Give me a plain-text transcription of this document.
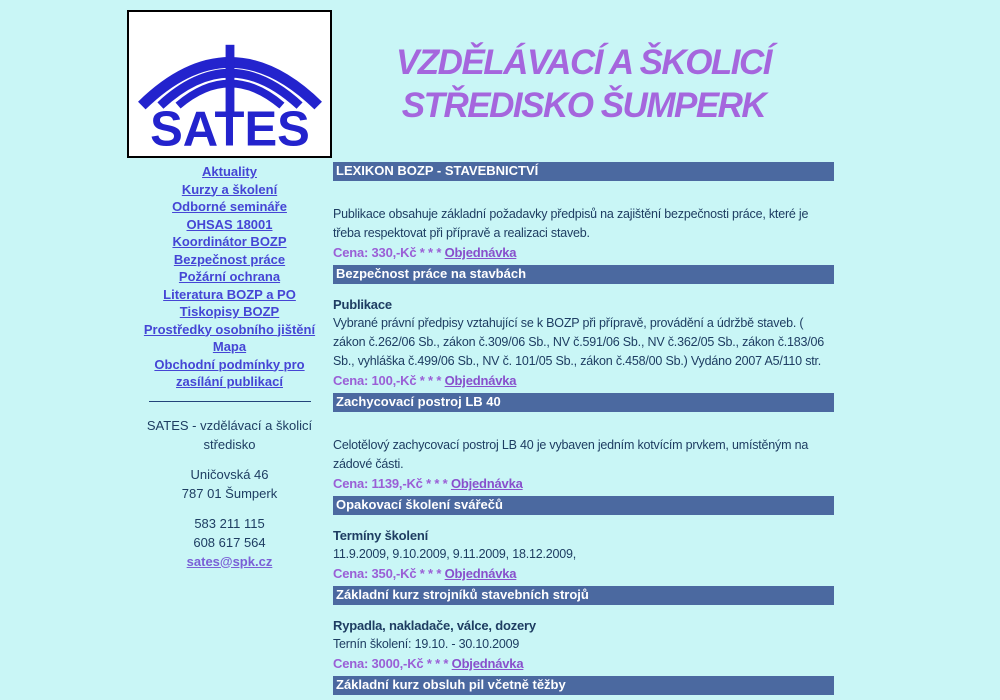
SATES
Aktuality
Kurzy a školení
Odborné semináře
OHSAS 18001
Koordinátor BOZP
Bezpečnost práce
Požární ochrana
Literatura BOZP a PO
Tiskopisy BOZP
Prostředky osobního jištění
Mapa
Obchodní podmínky pro zasílání publikací
SATES - vzdělávací a školicí středisko
Uničovská 46
787 01 Šumperk
583 211 115
608 617 564
sates@spk.cz
VZDĚLÁVACÍ A ŠKOLICÍ
STŘEDISKO ŠUMPERK
LEXIKON BOZP - STAVEBNICTVÍ

Publikace obsahuje základní požadavky předpisů na zajištění bezpečnosti práce, které je třeba respektovat při přípravě a realizaci staveb.
Cena: 330,-Kč * * * Objednávka

Bezpečnost práce na stavbách

Publikace
Vybrané právní předpisy vztahující se k BOZP při přípravě, provádění a údržbě staveb. ( zákon č.262/06 Sb., zákon č.309/06 Sb., NV č.591/06 Sb., NV č.362/05 Sb., zákon č.183/06 Sb., vyhláška č.499/06 Sb., NV č. 101/05 Sb., zákon č.458/00 Sb.) Vydáno 2007 A5/110 str.
Cena: 100,-Kč * * * Objednávka

Zachycovací postroj LB 40

Celotělový zachycovací postroj LB 40 je vybaven jedním kotvícím prvkem, umístěným na zádové části.
Cena: 1139,-Kč * * * Objednávka

Opakovací školení svářečů

Termíny školení
11.9.2009, 9.10.2009, 9.11.2009, 18.12.2009,
Cena: 350,-Kč * * * Objednávka

Základní kurz strojníků stavebních strojů

Rypadla, nakladače, válce, dozery
Ternín školení: 19.10. - 30.10.2009
Cena: 3000,-Kč * * * Objednávka

Základní kurz obsluh pil včetně těžby
